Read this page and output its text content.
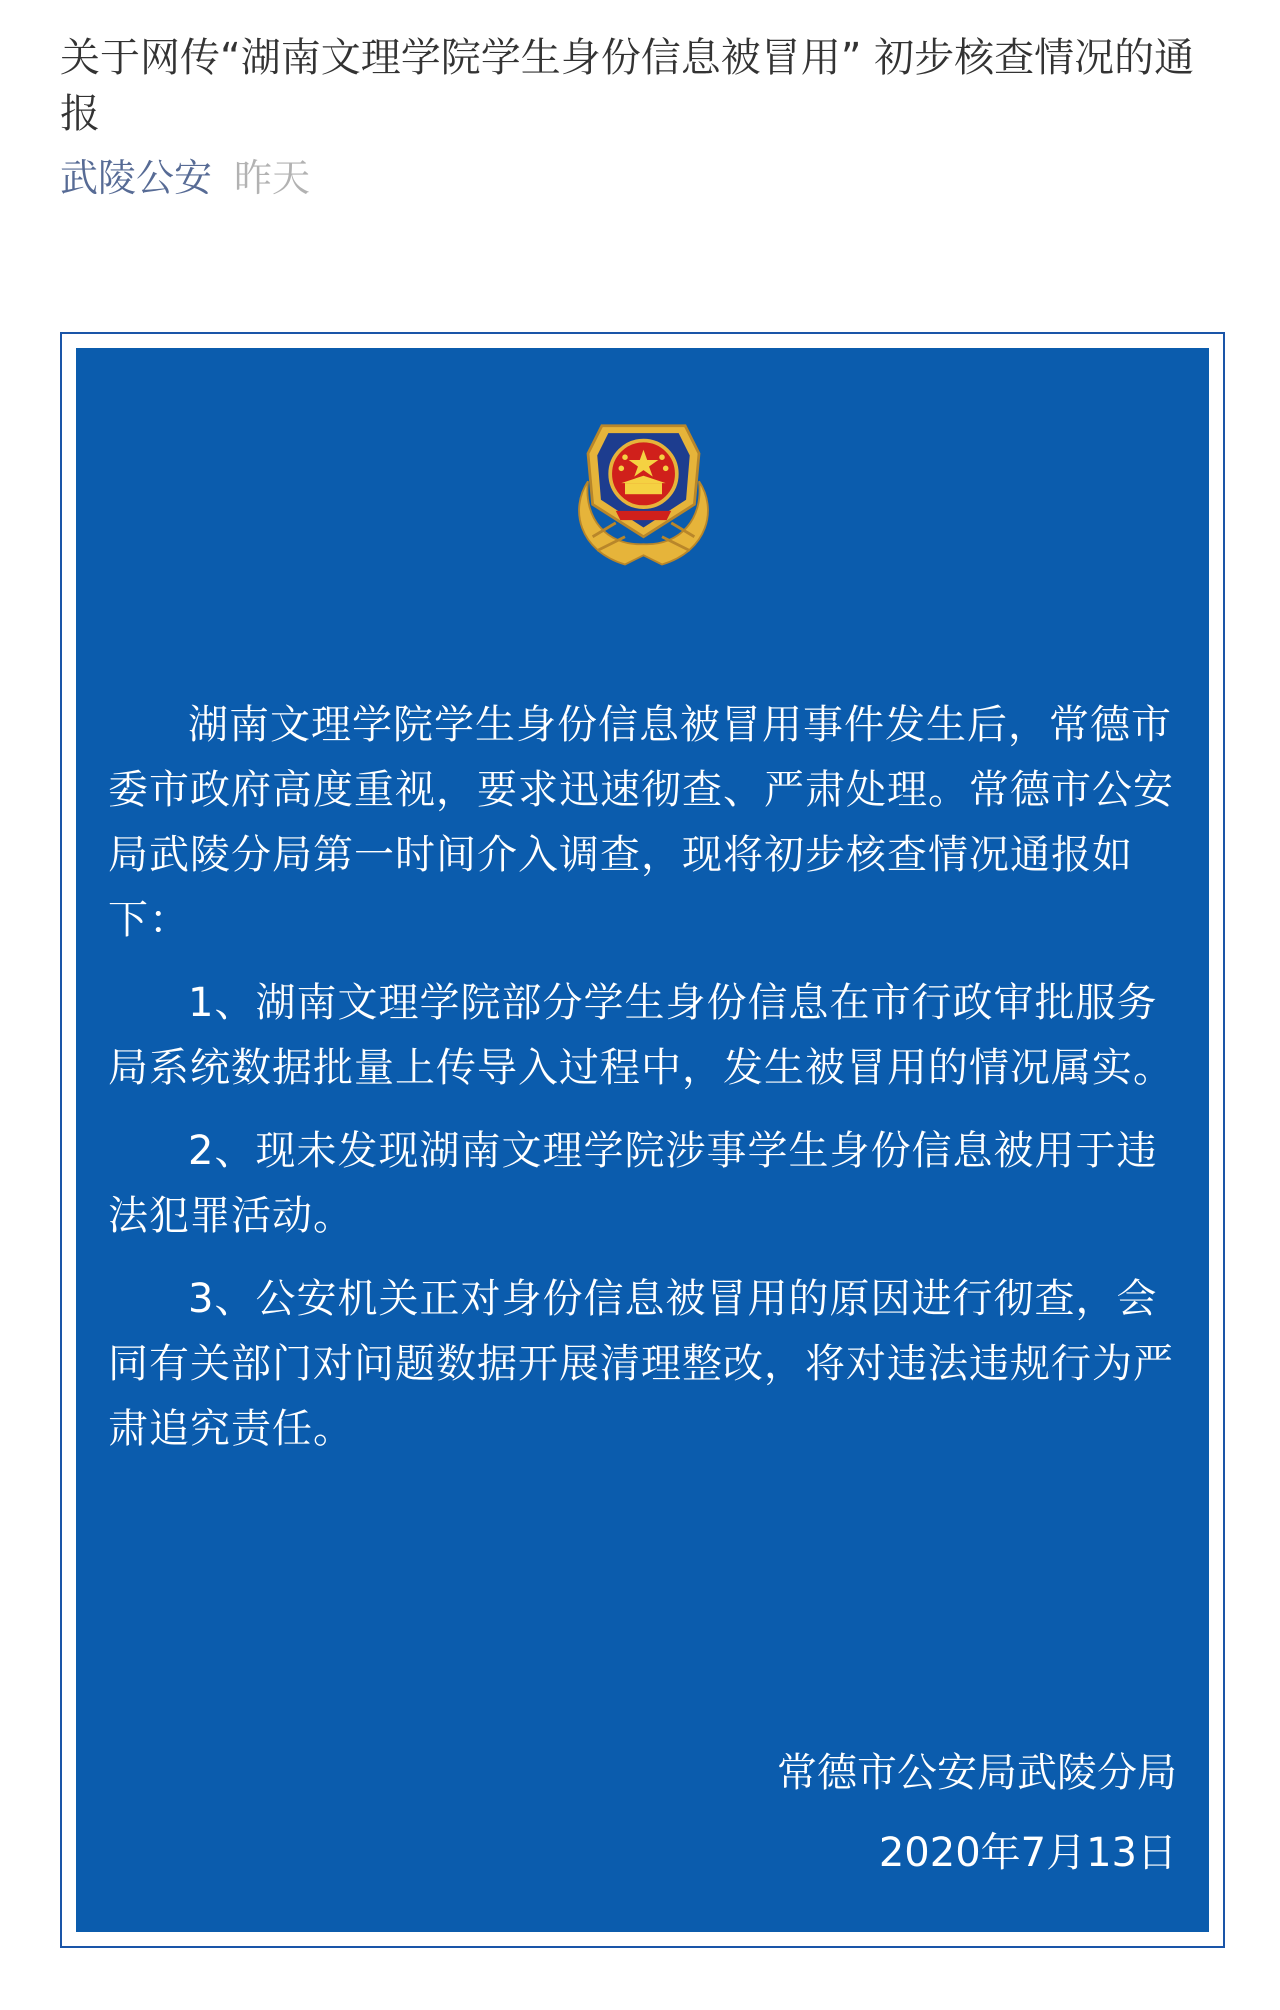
关于网传“湖南文理学院学生身份信息被冒用” 初步核查情况的通报
武陵公安 昨天

湖南文理学院学生身份信息被冒用事件发生后，常德市委市政府高度重视，要求迅速彻查、严肃处理。常德市公安局武陵分局第一时间介入调查，现将初步核查情况通报如下：

1、湖南文理学院部分学生身份信息在市行政审批服务局系统数据批量上传导入过程中，发生被冒用的情况属实。

2、现未发现湖南文理学院涉事学生身份信息被用于违法犯罪活动。

3、公安机关正对身份信息被冒用的原因进行彻查，会同有关部门对问题数据开展清理整改，将对违法违规行为严肃追究责任。

常德市公安局武陵分局
2020年7月13日
